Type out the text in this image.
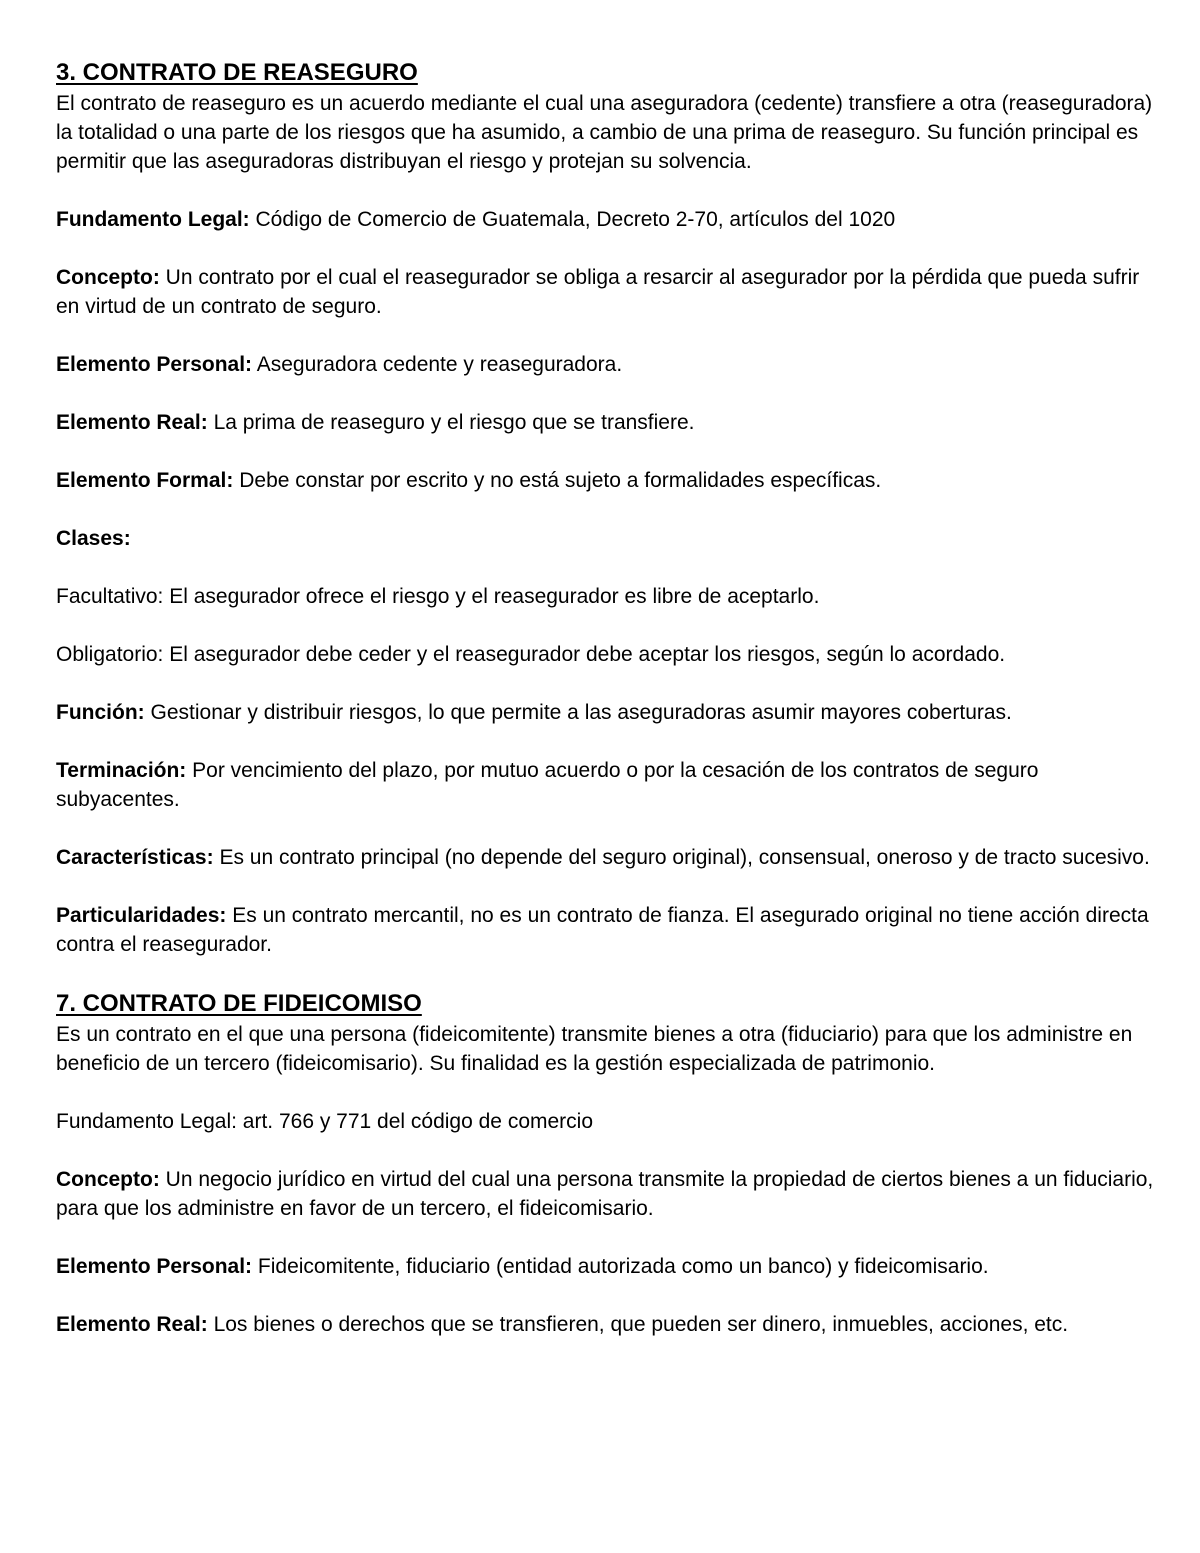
3. CONTRATO DE REASEGURO

El contrato de reaseguro es un acuerdo mediante el cual una aseguradora (cedente) transfiere a otra (reaseguradora) la totalidad o una parte de los riesgos que ha asumido, a cambio de una prima de reaseguro. Su función principal es permitir que las aseguradoras distribuyan el riesgo y protejan su solvencia.

Fundamento Legal: Código de Comercio de Guatemala, Decreto 2-70, artículos del 1020

Concepto: Un contrato por el cual el reasegurador se obliga a resarcir al asegurador por la pérdida que pueda sufrir en virtud de un contrato de seguro.

Elemento Personal: Aseguradora cedente y reaseguradora.

Elemento Real: La prima de reaseguro y el riesgo que se transfiere.

Elemento Formal: Debe constar por escrito y no está sujeto a formalidades específicas.

Clases:

Facultativo: El asegurador ofrece el riesgo y el reasegurador es libre de aceptarlo.

Obligatorio: El asegurador debe ceder y el reasegurador debe aceptar los riesgos, según lo acordado.

Función: Gestionar y distribuir riesgos, lo que permite a las aseguradoras asumir mayores coberturas.

Terminación: Por vencimiento del plazo, por mutuo acuerdo o por la cesación de los contratos de seguro subyacentes.

Características: Es un contrato principal (no depende del seguro original), consensual, oneroso y de tracto sucesivo.

Particularidades: Es un contrato mercantil, no es un contrato de fianza. El asegurado original no tiene acción directa contra el reasegurador.

7. CONTRATO DE FIDEICOMISO

Es un contrato en el que una persona (fideicomitente) transmite bienes a otra (fiduciario) para que los administre en beneficio de un tercero (fideicomisario). Su finalidad es la gestión especializada de patrimonio.

Fundamento Legal: art. 766 y 771 del código de comercio

Concepto: Un negocio jurídico en virtud del cual una persona transmite la propiedad de ciertos bienes a un fiduciario, para que los administre en favor de un tercero, el fideicomisario.

Elemento Personal: Fideicomitente, fiduciario (entidad autorizada como un banco) y fideicomisario.

Elemento Real: Los bienes o derechos que se transfieren, que pueden ser dinero, inmuebles, acciones, etc.
